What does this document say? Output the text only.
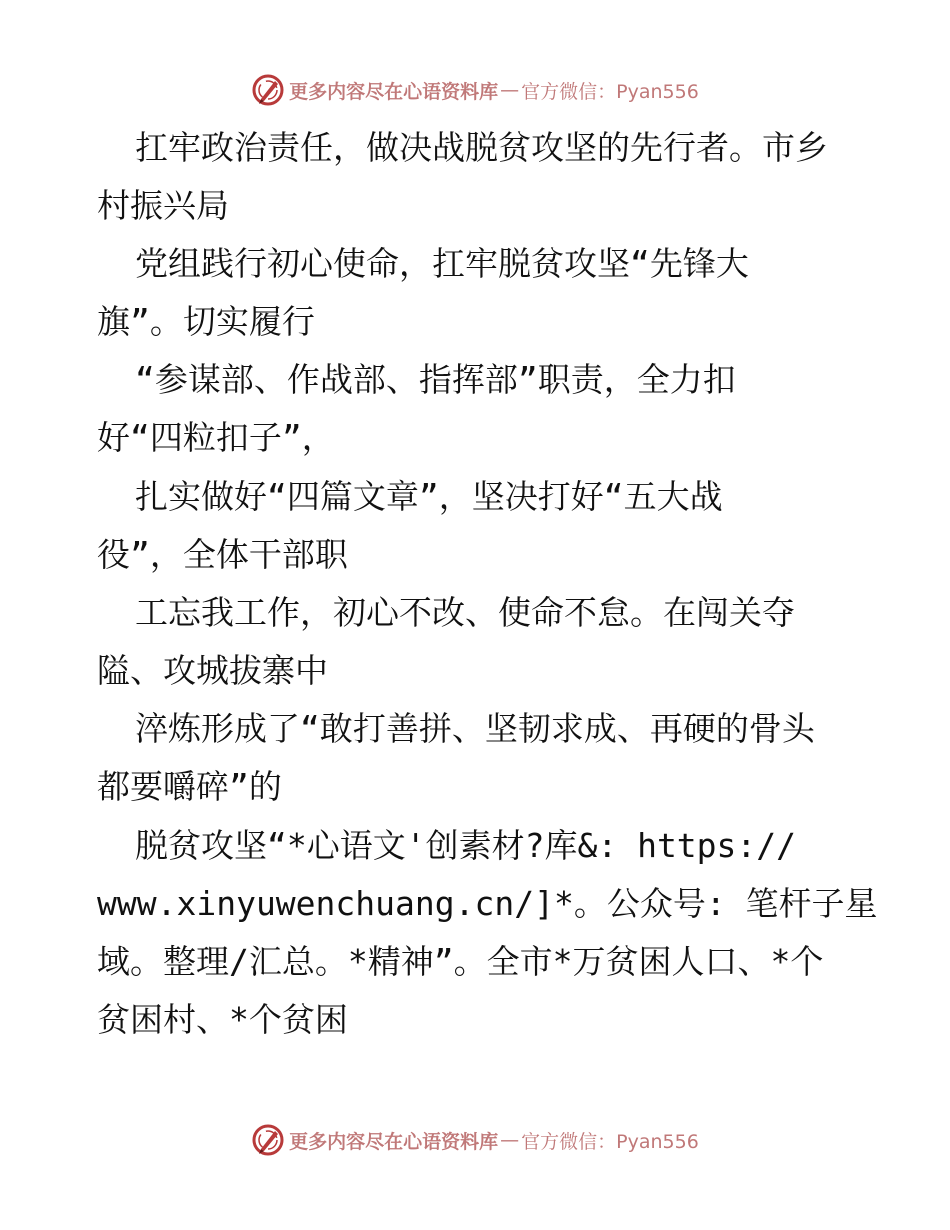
更多内容尽在心语资料库 — 官方微信：Pyan556
扛牢政治责任，做决战脱贫攻坚的先行者。市乡
村振兴局
党组践行初心使命，扛牢脱贫攻坚“先锋大
旗”。切实履行
“参谋部、作战部、指挥部”职责，全力扣
好“四粒扣子”，
扎实做好“四篇文章”，坚决打好“五大战
役”，全体干部职
工忘我工作，初心不改、使命不怠。在闯关夺
隘、攻城拔寨中
淬炼形成了“敢打善拼、坚韧求成、再硬的骨头
都要嚼碎”的
脱贫攻坚“*心语文'创素材?库&: https://
www.xinyuwenchuang.cn/]*。公众号: 笔杆子星
域。整理/汇总。*精神”。全市*万贫困人口、*个
贫困村、*个贫困
更多内容尽在心语资料库 — 官方微信：Pyan556
